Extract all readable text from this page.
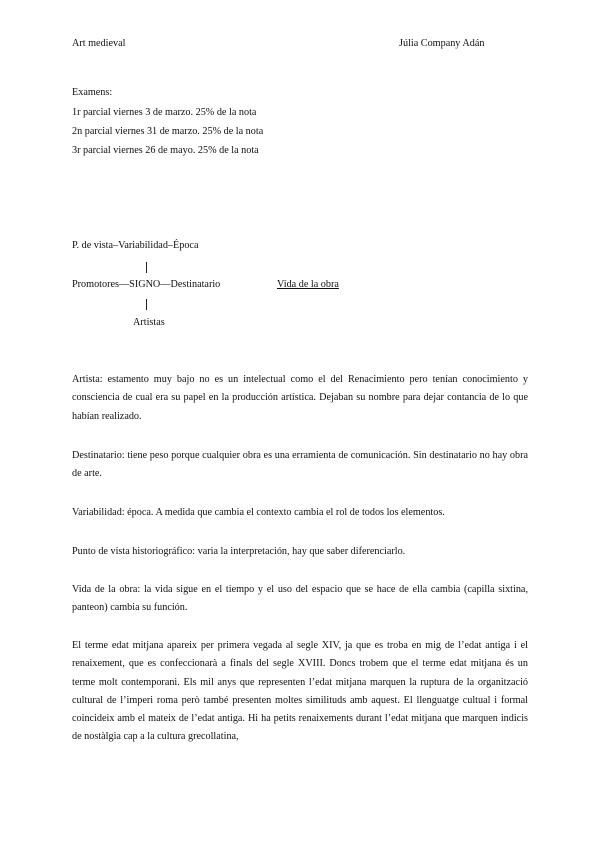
Art medieval	Júlia Company Adán
Examens:
1r parcial viernes 3 de marzo. 25% de la nota
2n parcial viernes 31 de marzo. 25% de la nota
3r parcial viernes 26 de mayo. 25% de la nota
P. de vista–Variabilidad–Época
Promotores—SIGNO—Destinatario	Vida de la obra
Artistas
Artista: estamento muy bajo no es un intelectual como el del Renacimiento pero tenían conocimiento y consciencia de cual era su papel en la producción artística. Dejaban su nombre para dejar contancia de lo que habían realizado.
Destinatario: tiene peso porque cualquier obra es una erramienta de comunicación. Sin destinatario no hay obra de arte.
Variabilidad: época. A medida que cambia el contexto cambia el rol de todos los elementos.
Punto de vista historiográfico: varia la interpretación, hay que saber diferenciarlo.
Vida de la obra: la vida sigue en el tiempo y el uso del espacio que se hace de ella cambia (capilla sixtina, panteon) cambia su función.
El terme edat mitjana apareix per primera vegada al segle XIV, ja que es troba en mig de l’edat antiga i el renaixement, que es confeccionarà a finals del segle XVIII. Doncs trobem que el terme edat mitjana és un terme molt contemporani. Els mil anys que representen l’edat mitjana marquen la ruptura de la organització cultural de l’imperi roma però també presenten moltes similituds amb aquest. El llenguatge cultual i formal coincideix amb el mateix de l’edat antiga. Hi ha petits renaixements durant l’edat mitjana que marquen indicis de nostàlgia cap a la cultura grecollatina,
